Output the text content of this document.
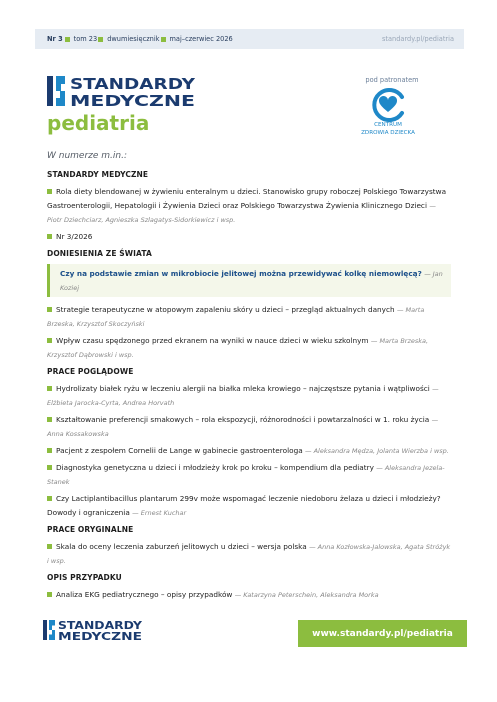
Nr 3 tom 23 dwumiesięcznik maj–czerwiec 2026	standardy.pl/pediatria
STANDARDY
MEDYCZNE
pediatria
pod patronatem
CENTRUM
ZDROWIA DZIECKA
W numerze m.in.:
STANDARDY MEDYCZNE
Rola diety blendowanej w żywieniu enteralnym u dzieci. Stanowisko grupy roboczej Polskiego Towarzystwa Gastroenterologii, Hepatologii i Żywienia Dzieci oraz Polskiego Towarzystwa Żywienia Klinicznego Dzieci — Piotr Dziechciarz, Agnieszka Szlagatys-Sidorkiewicz i wsp.
Nr 3/2026
DONIESIENIA ZE ŚWIATA
Czy na podstawie zmian w mikrobiocie jelitowej można przewidywać kolkę niemowlęcą? — Jan Koziej
Strategie terapeutyczne w atopowym zapaleniu skóry u dzieci – przegląd aktualnych danych — Marta Brzeska, Krzysztof Skoczyński
Wpływ czasu spędzonego przed ekranem na wyniki w nauce dzieci w wieku szkolnym — Marta Brzeska, Krzysztof Dąbrowski i wsp.
PRACE POGLĄDOWE
Hydrolizaty białek ryżu w leczeniu alergii na białka mleka krowiego – najczęstsze pytania i wątpliwości — Elżbieta Jarocka-Cyrta, Andrea Horvath
Kształtowanie preferencji smakowych – rola ekspozycji, różnorodności i powtarzalności w 1. roku życia — Anna Kossakowska
Pacjent z zespołem Cornelii de Lange w gabinecie gastroenterologa — Aleksandra Mędza, Jolanta Wierzba i wsp.
Diagnostyka genetyczna u dzieci i młodzieży krok po kroku – kompendium dla pediatry — Aleksandra Jezela-Stanek
Czy Lactiplantibacillus plantarum 299v może wspomagać leczenie niedoboru żelaza u dzieci i młodzieży? Dowody i ograniczenia — Ernest Kuchar
PRACE ORYGINALNE
Skala do oceny leczenia zaburzeń jelitowych u dzieci – wersja polska — Anna Kozłowska-Jalowska, Agata Stróżyk i wsp.
OPIS PRZYPADKU
Analiza EKG pediatrycznego – opisy przypadków — Katarzyna Peterschein, Aleksandra Morka
STANDARDY
MEDYCZNE	www.standardy.pl/pediatria
